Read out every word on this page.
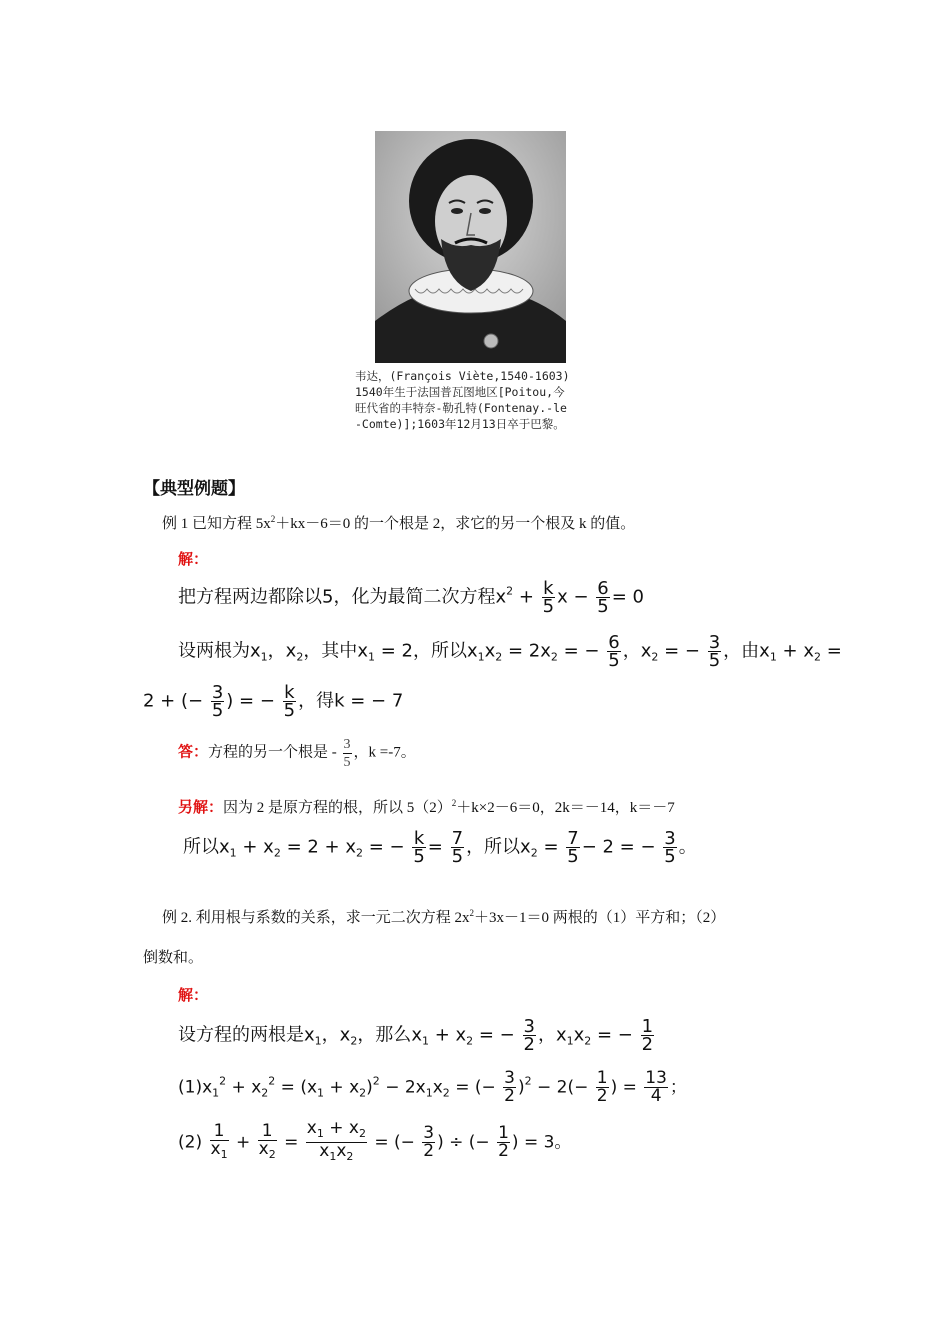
韦达，(François Viète,1540-1603)
1540年生于法国普瓦图地区[Poitou,今
旺代省的丰特奈-勒孔特(Fontenay.-le
-Comte)];1603年12月13日卒于巴黎。
【典型例题】
例 1 已知方程 $5x^2+kx-6=0$ 的一个根是 2，求它的另一个根及 k 的值。
解：
把方程两边都除以5，化为最简二次方程$x^2 + \frac{k}{5}$ $x - \frac{6}{5} = 0$
设两根为$x_1$，$x_2$，其中$x_1 = 2$，所以$x_1x_2 = 2x_2$ = − $\frac{6}{5}$ ，$x_2$ = − $\frac{3}{5}$ ，由$x_1 + x_2$ =
2 + (− $\frac{3}{5}$ ) = − $\frac{k}{5}$ ，得k = − 7
答：方程的另一个根是 - $\frac{3}{5}$ ，k =-7。
另解：因为 2 是原方程的根，所以 $5(2)^2+k\times 2-6=0$，2k＝－14，k＝－7
所以$x_1 + x_2 = 2 + x_2$ = − $\frac{k}{5} = \frac{7}{5}$ ，所以$x_2 = \frac{7}{5} - 2$ = − $\frac{3}{5}$ 。
例 2. 利用根与系数的关系，求一元二次方程 $2x^2+3x-1=0$ 两根的（1）平方和；（2）
倒数和。
解：
设方程的两根是$x_1$，$x_2$，那么$x_1 + x_2$ = − $\frac{3}{2}$ ，$x_1x_2$ = − $\frac{1}{2}$
$(1)x_1^2 + x_2^2 = (x_1 + x_2)^2 - 2x_1x_2$ = (− $\frac{3}{2} )^2 - 2(- \frac{1}{2}$ ) = $\frac{13}{4}$ ；
$(2) \frac{1}{x_1} + \frac{1}{x_2} = \frac{x_1 + x_2}{x_1x_2}$ = (− $\frac{3}{2}$ ) ÷ (− $\frac{1}{2}$ ) = 3。
